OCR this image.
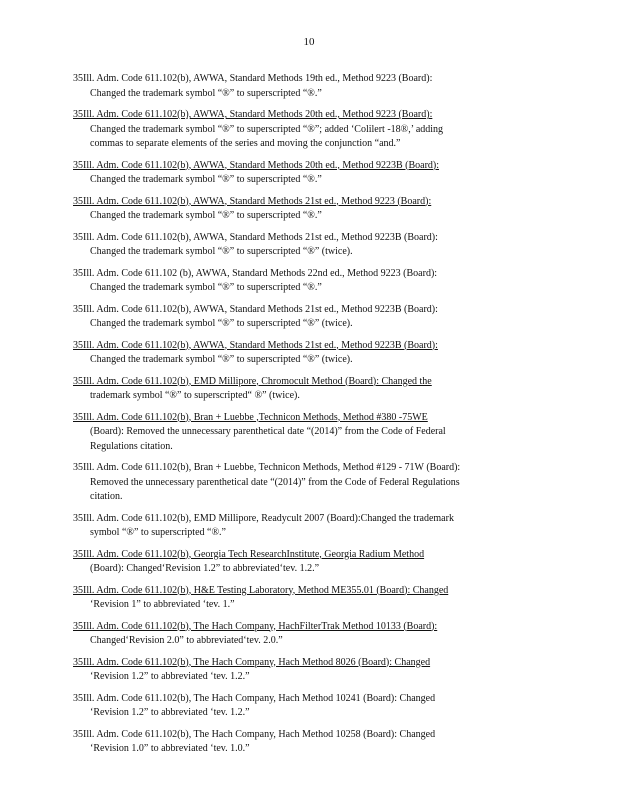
10
35Ill. Adm. Code 611.102(b), AWWA, Standard Methods 19th ed., Method 9223 (Board):
Changed the trademark symbol “®” to superscripted “®.”
35Ill. Adm. Code 611.102(b), AWWA, Standard Methods 20th ed., Method 9223 (Board):
Changed the trademark symbol “®” to superscripted “®”; added ‘Colilert -18®,’ adding
commas to separate elements of the series and moving the conjunction “and.”
35Ill. Adm. Code 611.102(b), AWWA, Standard Methods 20th ed., Method 9223B (Board):
Changed the trademark symbol “®” to superscripted “®.”
35Ill. Adm. Code 611.102(b), AWWA, Standard Methods 21st ed., Method 9223 (Board):
Changed the trademark symbol “®” to superscripted “®.”
35Ill. Adm. Code 611.102(b), AWWA, Standard Methods 21st ed., Method 9223B (Board):
Changed the trademark symbol “®” to superscripted “®” (twice).
35Ill. Adm. Code 611.102 (b), AWWA, Standard Methods 22nd ed., Method 9223 (Board):
Changed the trademark symbol “®” to superscripted “®.”
35Ill. Adm. Code 611.102(b), AWWA, Standard Methods 21st ed., Method 9223B (Board):
Changed the trademark symbol “®” to superscripted “®” (twice).
35Ill. Adm. Code 611.102(b), AWWA, Standard Methods 21st ed., Method 9223B (Board):
Changed the trademark symbol “®” to superscripted “®” (twice).
35Ill. Adm. Code 611.102(b), EMD Millipore, Chromocult Method (Board): Changed the
trademark symbol “®” to superscripted“ ®” (twice).
35Ill. Adm. Code 611.102(b), Bran + Luebbe ,Technicon Methods, Method #380 -75WE
(Board): Removed the unnecessary parenthetical date “(2014)” from the Code of Federal
Regulations citation.
35Ill. Adm. Code 611.102(b), Bran + Luebbe, Technicon Methods, Method #129 - 71W (Board):
Removed the unnecessary parenthetical date “(2014)” from the Code of Federal Regulations
citation.
35Ill. Adm. Code 611.102(b), EMD Millipore, Readycult 2007 (Board):Changed the trademark
symbol “®” to superscripted “®.”
35Ill. Adm. Code 611.102(b), Georgia Tech ResearchInstitute, Georgia Radium Method
(Board): Changed‘Revision 1.2” to abbreviated‘tev. 1.2.”
35Ill. Adm. Code 611.102(b), H&E Testing Laboratory, Method ME355.01 (Board): Changed
‘Revision 1” to abbreviated ‘tev. 1.”
35Ill. Adm. Code 611.102(b), The Hach Company, HachFilterTrak Method 10133 (Board):
Changed‘Revision 2.0” to abbreviated‘tev. 2.0.”
35Ill. Adm. Code 611.102(b), The Hach Company, Hach Method 8026 (Board): Changed
‘Revision 1.2” to abbreviated ‘tev. 1.2.”
35Ill. Adm. Code 611.102(b), The Hach Company, Hach Method 10241 (Board): Changed
‘Revision 1.2” to abbreviated ‘tev. 1.2.”
35Ill. Adm. Code 611.102(b), The Hach Company, Hach Method 10258 (Board): Changed
‘Revision 1.0” to abbreviated ‘tev. 1.0.”
